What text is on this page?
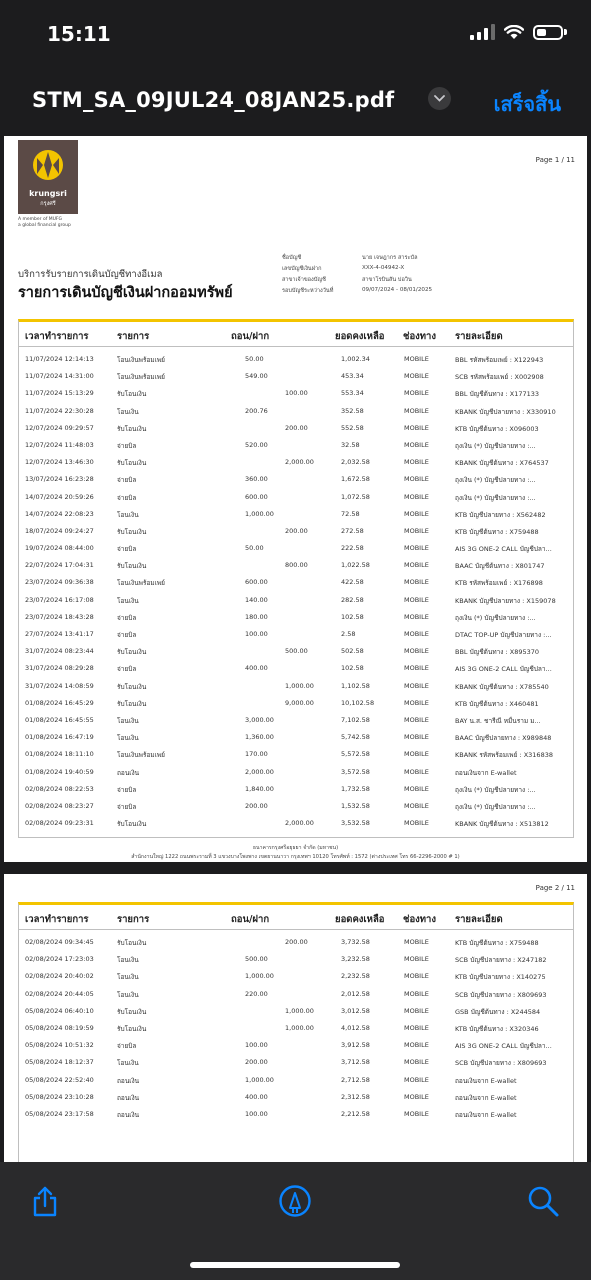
15:11
STM_SA_09JUL24_08JAN25.pdf	เสร็จสิ้น
Page 1 / 11
krungsri
กรุงศรี
A member of MUFG
a global financial group
บริการรับรายการเดินบัญชีทางอีเมล
รายการเดินบัญชีเงินฝากออมทรัพย์
ชื่อบัญชี	นาย เจษฎากร สาระบัล
เลขบัญชีเงินฝาก	XXX-4-04942-X
สาขาเจ้าของบัญชี	สาขาโรบินสัน บ่อวิน
รอบบัญชีระหว่างวันที่	09/07/2024 - 08/01/2025
เวลาทำรายการ	รายการ	ถอน/ฝาก	ยอดคงเหลือ ช่องทาง รายละเอียด
11/07/2024 12:14:13	โอนเงินพร้อมเพย์	50.00	1,002.34	MOBILE	BBL รหัสพร้อมเพย์ : X122943
11/07/2024 14:31:00	โอนเงินพร้อมเพย์	549.00	453.34	MOBILE	SCB รหัสพร้อมเพย์ : X002908
11/07/2024 15:13:29	รับโอนเงิน	100.00	553.34	MOBILE	BBL บัญชีต้นทาง : X177133
11/07/2024 22:30:28	โอนเงิน	200.76	352.58	MOBILE	KBANK บัญชีปลายทาง : X330910
12/07/2024 09:29:57	รับโอนเงิน	200.00	552.58	MOBILE	KTB บัญชีต้นทาง : X096003
12/07/2024 11:48:03	จ่ายบิล	520.00	32.58	MOBILE	ถุงเงิน (*) บัญชีปลายทาง :...
12/07/2024 13:46:30	รับโอนเงิน	2,000.00	2,032.58	MOBILE	KBANK บัญชีต้นทาง : X764537
13/07/2024 16:23:28	จ่ายบิล	360.00	1,672.58	MOBILE	ถุงเงิน (*) บัญชีปลายทาง :...
14/07/2024 20:59:26	จ่ายบิล	600.00	1,072.58	MOBILE	ถุงเงิน (*) บัญชีปลายทาง :...
14/07/2024 22:08:23	โอนเงิน	1,000.00	72.58	MOBILE	KTB บัญชีปลายทาง : X562482
18/07/2024 09:24:27	รับโอนเงิน	200.00	272.58	MOBILE	KTB บัญชีต้นทาง : X759488
19/07/2024 08:44:00	จ่ายบิล	50.00	222.58	MOBILE	AIS 3G ONE-2 CALL บัญชีปลา...
22/07/2024 17:04:31	รับโอนเงิน	800.00	1,022.58	MOBILE	BAAC บัญชีต้นทาง : X801747
23/07/2024 09:36:38	โอนเงินพร้อมเพย์	600.00	422.58	MOBILE	KTB รหัสพร้อมเพย์ : X176898
23/07/2024 16:17:08	โอนเงิน	140.00	282.58	MOBILE	KBANK บัญชีปลายทาง : X159078
23/07/2024 18:43:28	จ่ายบิล	180.00	102.58	MOBILE	ถุงเงิน (*) บัญชีปลายทาง :...
27/07/2024 13:41:17	จ่ายบิล	100.00	2.58	MOBILE	DTAC TOP-UP บัญชีปลายทาง :...
31/07/2024 08:23:44	รับโอนเงิน	500.00	502.58	MOBILE	BBL บัญชีต้นทาง : X895370
31/07/2024 08:29:28	จ่ายบิล	400.00	102.58	MOBILE	AIS 3G ONE-2 CALL บัญชีปลา...
31/07/2024 14:08:59	รับโอนเงิน	1,000.00	1,102.58	MOBILE	KBANK บัญชีต้นทาง : X785540
01/08/2024 16:45:29	รับโอนเงิน	9,000.00	10,102.58	MOBILE	KTB บัญชีต้นทาง : X460481
01/08/2024 16:45:55	โอนเงิน	3,000.00	7,102.58	MOBILE	BAY น.ส. ชารีณี หมื่นราม ม...
01/08/2024 16:47:19	โอนเงิน	1,360.00	5,742.58	MOBILE	BAAC บัญชีปลายทาง : X989848
01/08/2024 18:11:10	โอนเงินพร้อมเพย์	170.00	5,572.58	MOBILE	KBANK รหัสพร้อมเพย์ : X316838
01/08/2024 19:40:59	ถอนเงิน	2,000.00	3,572.58	MOBILE	ถอนเงินจาก E-wallet
02/08/2024 08:22:53	จ่ายบิล	1,840.00	1,732.58	MOBILE	ถุงเงิน (*) บัญชีปลายทาง :...
02/08/2024 08:23:27	จ่ายบิล	200.00	1,532.58	MOBILE	ถุงเงิน (*) บัญชีปลายทาง :...
02/08/2024 09:23:31	รับโอนเงิน	2,000.00	3,532.58	MOBILE	KBANK บัญชีต้นทาง : X513812
ธนาคารกรุงศรีอยุธยา จำกัด (มหาชน)
สำนักงานใหญ่ 1222 ถนนพระรามที่ 3 แขวงบางโพงพาง เขตยานนาวา กรุงเทพฯ 10120 โทรศัพท์ : 1572 (ต่างประเทศ โทร 66-2296-2000 # 1)
Page 2 / 11
เวลาทำรายการ	รายการ	ถอน/ฝาก	ยอดคงเหลือ ช่องทาง รายละเอียด
02/08/2024 09:34:45	รับโอนเงิน	200.00	3,732.58	MOBILE	KTB บัญชีต้นทาง : X759488
02/08/2024 17:23:03	โอนเงิน	500.00	3,232.58	MOBILE	SCB บัญชีปลายทาง : X247182
02/08/2024 20:40:02	โอนเงิน	1,000.00	2,232.58	MOBILE	KTB บัญชีปลายทาง : X140275
02/08/2024 20:44:05	โอนเงิน	220.00	2,012.58	MOBILE	SCB บัญชีปลายทาง : X809693
05/08/2024 06:40:10	รับโอนเงิน	1,000.00	3,012.58	MOBILE	GSB บัญชีต้นทาง : X244584
05/08/2024 08:19:59	รับโอนเงิน	1,000.00	4,012.58	MOBILE	KTB บัญชีต้นทาง : X320346
05/08/2024 10:51:32	จ่ายบิล	100.00	3,912.58	MOBILE	AIS 3G ONE-2 CALL บัญชีปลา...
05/08/2024 18:12:37	โอนเงิน	200.00	3,712.58	MOBILE	SCB บัญชีปลายทาง : X809693
05/08/2024 22:52:40	ถอนเงิน	1,000.00	2,712.58	MOBILE	ถอนเงินจาก E-wallet
05/08/2024 23:10:28	ถอนเงิน	400.00	2,312.58	MOBILE	ถอนเงินจาก E-wallet
05/08/2024 23:17:58	ถอนเงิน	100.00	2,212.58	MOBILE	ถอนเงินจาก E-wallet
